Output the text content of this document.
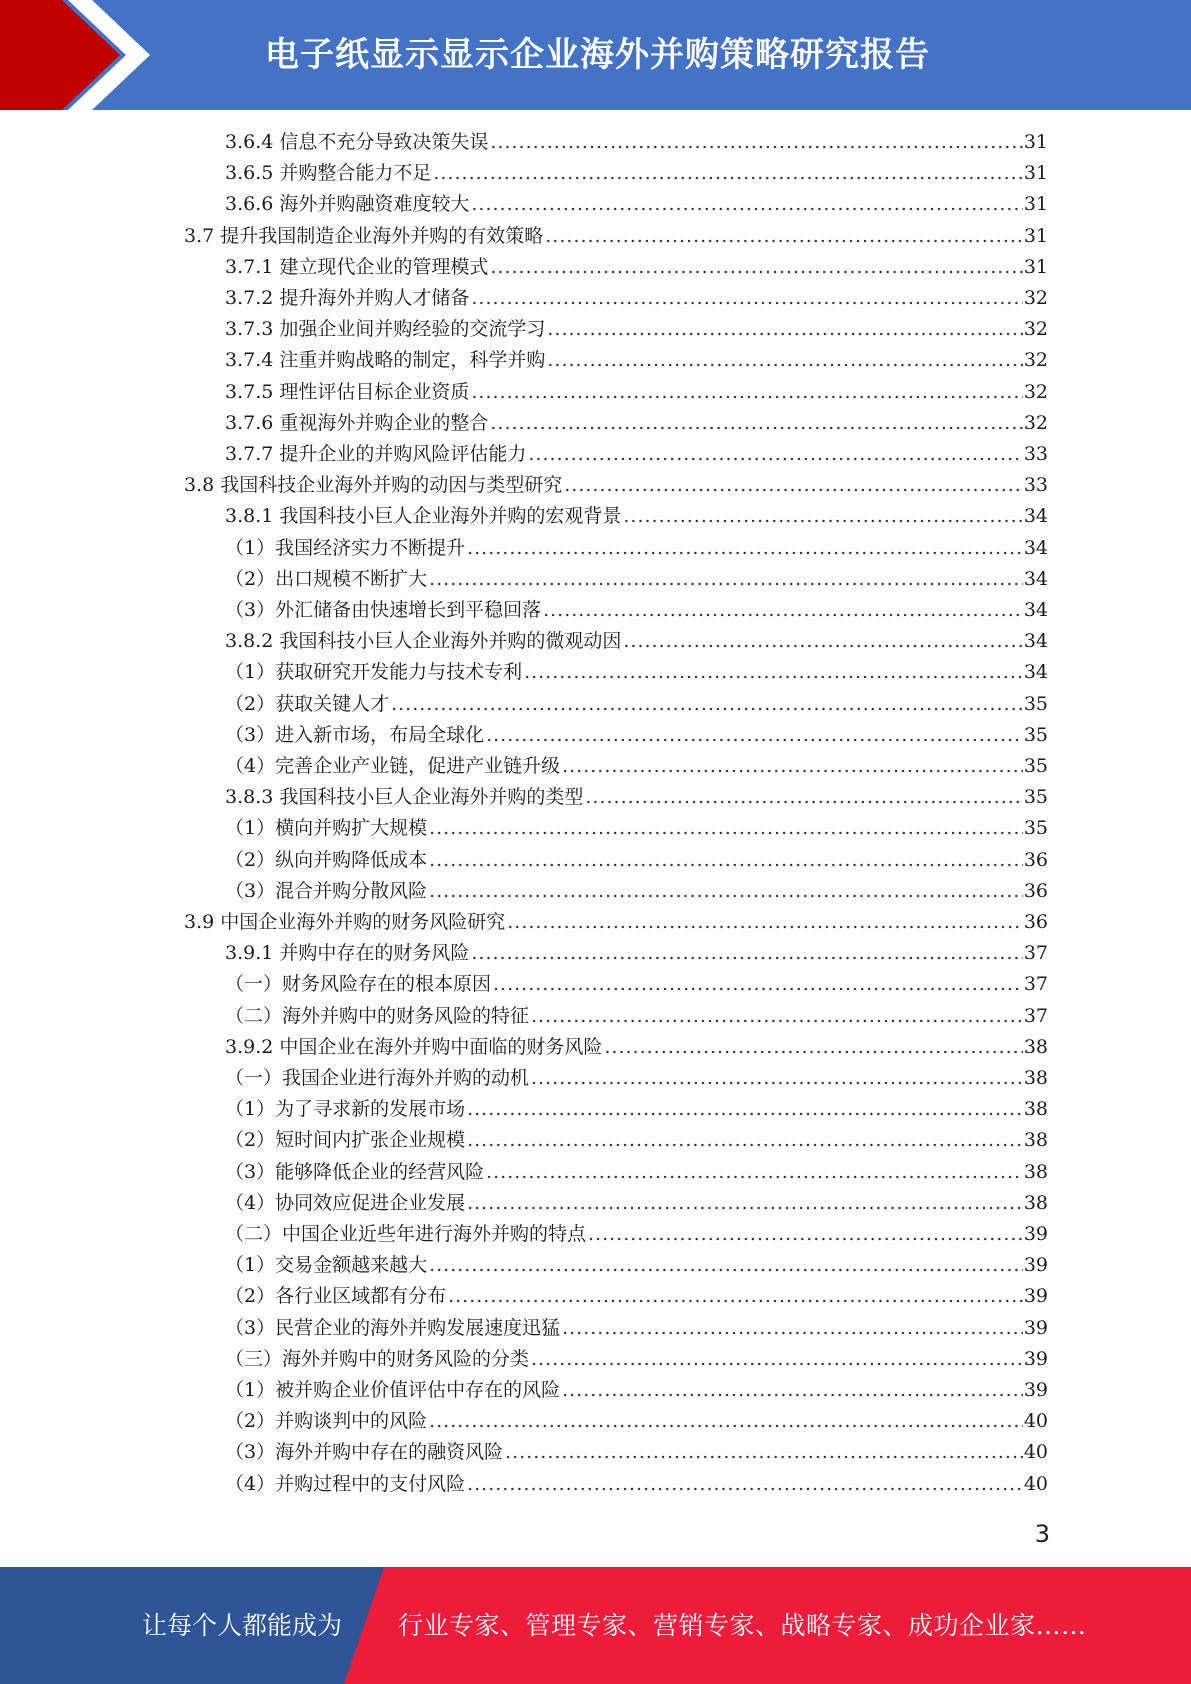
电子纸显示显示企业海外并购策略研究报告
3.6.4 信息不充分导致决策失误 .....	31
3.6.5 并购整合能力不足 .....	31
3.6.6 海外并购融资难度较大 .....	31
3.7 提升我国制造企业海外并购的有效策略 .....	31
3.7.1 建立现代企业的管理模式 .....	31
3.7.2 提升海外并购人才储备 .....	32
3.7.3 加强企业间并购经验的交流学习 .....	32
3.7.4 注重并购战略的制定，科学并购 .....	32
3.7.5 理性评估目标企业资质 .....	32
3.7.6 重视海外并购企业的整合 .....	32
3.7.7 提升企业的并购风险评估能力 .....	33
3.8 我国科技企业海外并购的动因与类型研究 .....	33
3.8.1 我国科技小巨人企业海外并购的宏观背景 .....	34
（1）我国经济实力不断提升 .....	34
（2）出口规模不断扩大 .....	34
（3）外汇储备由快速增长到平稳回落 .....	34
3.8.2 我国科技小巨人企业海外并购的微观动因 .....	34
（1）获取研究开发能力与技术专利 .....	34
（2）获取关键人才 .....	35
（3）进入新市场，布局全球化 .....	35
（4）完善企业产业链，促进产业链升级 .....	35
3.8.3 我国科技小巨人企业海外并购的类型 .....	35
（1）横向并购扩大规模 .....	35
（2）纵向并购降低成本 .....	36
（3）混合并购分散风险 .....	36
3.9 中国企业海外并购的财务风险研究 .....	36
3.9.1 并购中存在的财务风险 .....	37
（一）财务风险存在的根本原因 .....	37
（二）海外并购中的财务风险的特征 .....	37
3.9.2 中国企业在海外并购中面临的财务风险 .....	38
（一）我国企业进行海外并购的动机 .....	38
（1）为了寻求新的发展市场 .....	38
（2）短时间内扩张企业规模 .....	38
（3）能够降低企业的经营风险 .....	38
（4）协同效应促进企业发展 .....	38
（二）中国企业近些年进行海外并购的特点 .....	39
（1）交易金额越来越大 .....	39
（2）各行业区域都有分布 .....	39
（3）民营企业的海外并购发展速度迅猛 .....	39
（三）海外并购中的财务风险的分类 .....	39
（1）被并购企业价值评估中存在的风险 .....	39
（2）并购谈判中的风险 .....	40
（3）海外并购中存在的融资风险 .....	40
（4）并购过程中的支付风险 .....	40
3
让每个人都能成为 行业专家、管理专家、营销专家、战略专家、成功企业家……
